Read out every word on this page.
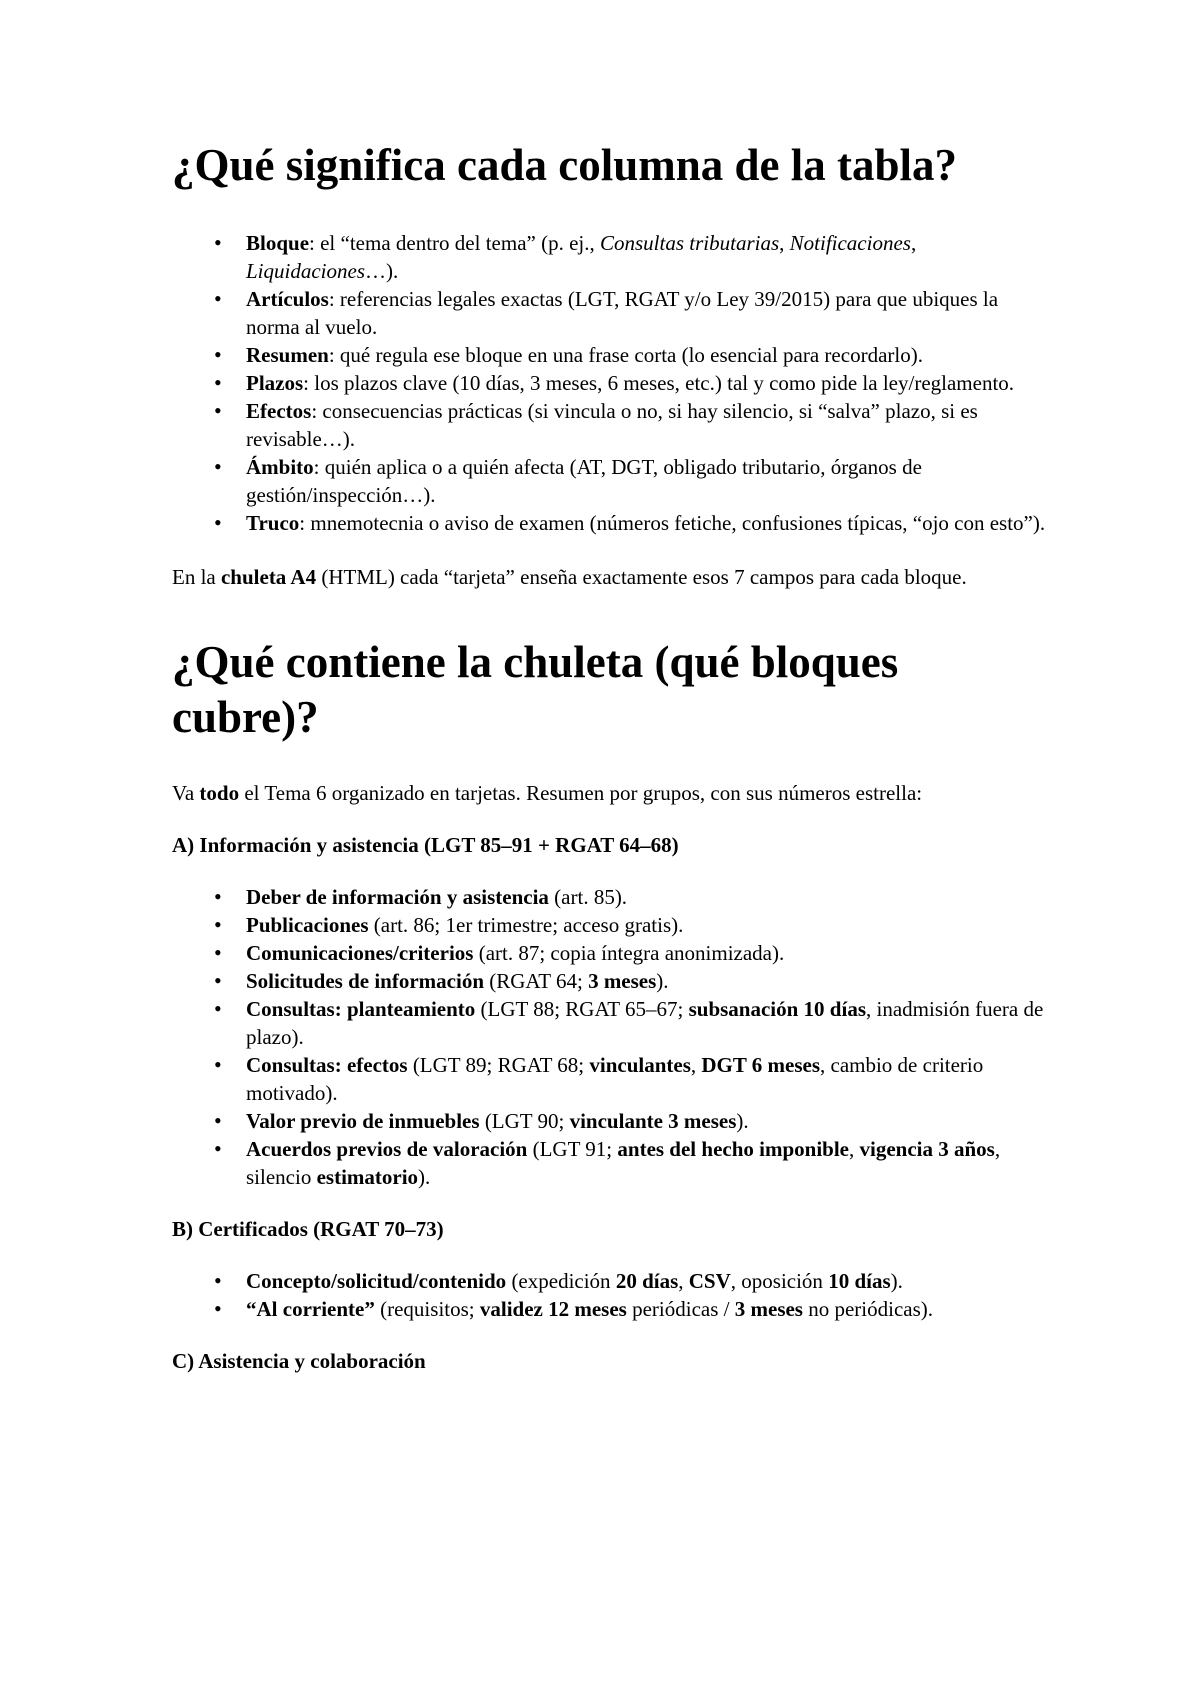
¿Qué significa cada columna de la tabla?
• Bloque: el “tema dentro del tema” (p. ej., Consultas tributarias, Notificaciones, Liquidaciones…).
• Artículos: referencias legales exactas (LGT, RGAT y/o Ley 39/2015) para que ubiques la norma al vuelo.
• Resumen: qué regula ese bloque en una frase corta (lo esencial para recordarlo).
• Plazos: los plazos clave (10 días, 3 meses, 6 meses, etc.) tal y como pide la ley/reglamento.
• Efectos: consecuencias prácticas (si vincula o no, si hay silencio, si “salva” plazo, si es revisable…).
• Ámbito: quién aplica o a quién afecta (AT, DGT, obligado tributario, órganos de gestión/inspección…).
• Truco: mnemotecnia o aviso de examen (números fetiche, confusiones típicas, “ojo con esto”).

En la chuleta A4 (HTML) cada “tarjeta” enseña exactamente esos 7 campos para cada bloque.

¿Qué contiene la chuleta (qué bloques cubre)?

Va todo el Tema 6 organizado en tarjetas. Resumen por grupos, con sus números estrella:

A) Información y asistencia (LGT 85–91 + RGAT 64–68)

• Deber de información y asistencia (art. 85).
• Publicaciones (art. 86; 1er trimestre; acceso gratis).
• Comunicaciones/criterios (art. 87; copia íntegra anonimizada).
• Solicitudes de información (RGAT 64; 3 meses).
• Consultas: planteamiento (LGT 88; RGAT 65–67; subsanación 10 días, inadmisión fuera de plazo).
• Consultas: efectos (LGT 89; RGAT 68; vinculantes, DGT 6 meses, cambio de criterio motivado).
• Valor previo de inmuebles (LGT 90; vinculante 3 meses).
• Acuerdos previos de valoración (LGT 91; antes del hecho imponible, vigencia 3 años, silencio estimatorio).

B) Certificados (RGAT 70–73)

• Concepto/solicitud/contenido (expedición 20 días, CSV, oposición 10 días).
• “Al corriente” (requisitos; validez 12 meses periódicas / 3 meses no periódicas).

C) Asistencia y colaboración
